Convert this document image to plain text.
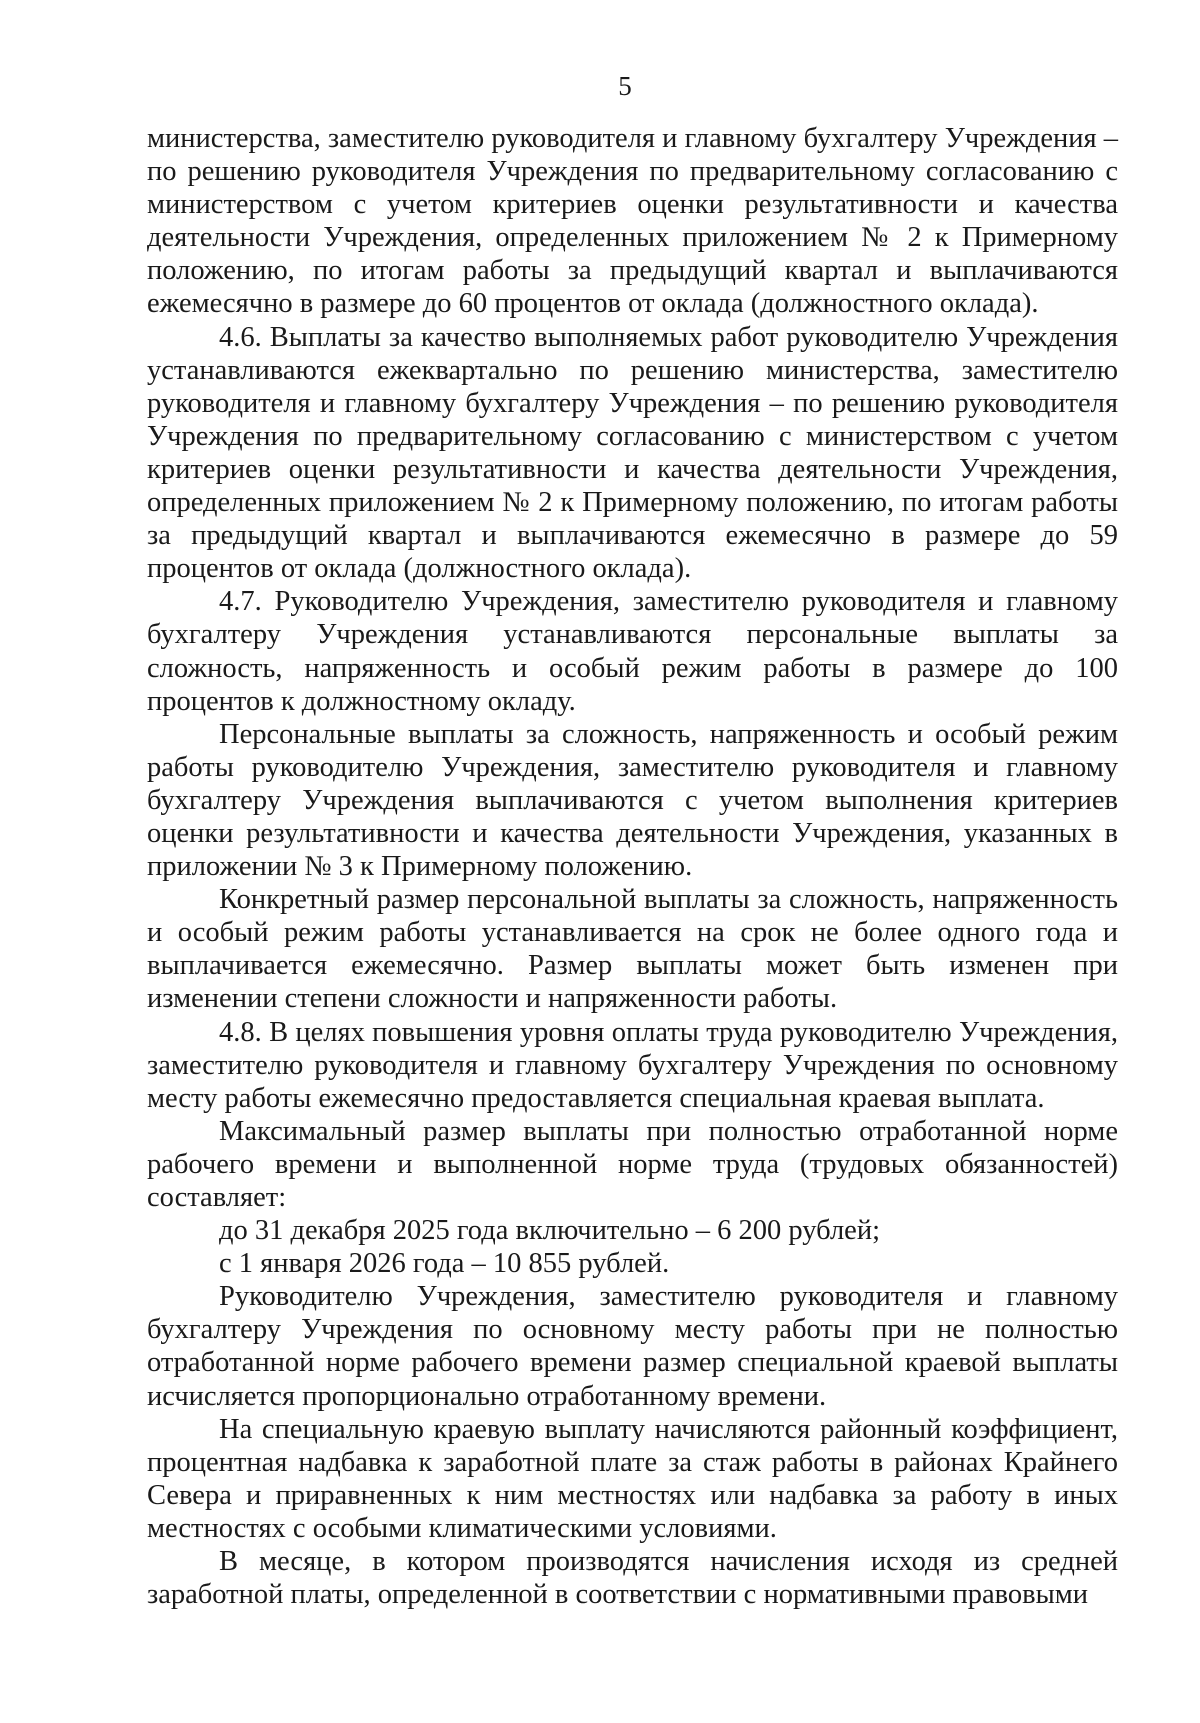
5

министерства, заместителю руководителя и главному бухгалтеру Учреждения – по решению руководителя Учреждения по предварительному согласованию с министерством с учетом критериев оценки результативности и качества деятельности Учреждения, определенных приложением № 2 к Примерному положению, по итогам работы за предыдущий квартал и выплачиваются ежемесячно в размере до 60 процентов от оклада (должностного оклада).

4.6. Выплаты за качество выполняемых работ руководителю Учреждения устанавливаются ежеквартально по решению министерства, заместителю руководителя и главному бухгалтеру Учреждения – по решению руководителя Учреждения по предварительному согласованию с министерством с учетом критериев оценки результативности и качества деятельности Учреждения, определенных приложением № 2 к Примерному положению, по итогам работы за предыдущий квартал и выплачиваются ежемесячно в размере до 59 процентов от оклада (должностного оклада).

4.7. Руководителю Учреждения, заместителю руководителя и главному бухгалтеру Учреждения устанавливаются персональные выплаты за сложность, напряженность и особый режим работы в размере до 100 процентов к должностному окладу.

Персональные выплаты за сложность, напряженность и особый режим работы руководителю Учреждения, заместителю руководителя и главному бухгалтеру Учреждения выплачиваются с учетом выполнения критериев оценки результативности и качества деятельности Учреждения, указанных в приложении № 3 к Примерному положению.

Конкретный размер персональной выплаты за сложность, напряженность и особый режим работы устанавливается на срок не более одного года и выплачивается ежемесячно. Размер выплаты может быть изменен при изменении степени сложности и напряженности работы.

4.8. В целях повышения уровня оплаты труда руководителю Учреждения, заместителю руководителя и главному бухгалтеру Учреждения по основному месту работы ежемесячно предоставляется специальная краевая выплата.

Максимальный размер выплаты при полностью отработанной норме рабочего времени и выполненной норме труда (трудовых обязанностей) составляет:

до 31 декабря 2025 года включительно – 6 200 рублей;

с 1 января 2026 года – 10 855 рублей.

Руководителю Учреждения, заместителю руководителя и главному бухгалтеру Учреждения по основному месту работы при не полностью отработанной норме рабочего времени размер специальной краевой выплаты исчисляется пропорционально отработанному времени.

На специальную краевую выплату начисляются районный коэффициент, процентная надбавка к заработной плате за стаж работы в районах Крайнего Севера и приравненных к ним местностях или надбавка за работу в иных местностях с особыми климатическими условиями.

В месяце, в котором производятся начисления исходя из средней заработной платы, определенной в соответствии с нормативными правовыми
